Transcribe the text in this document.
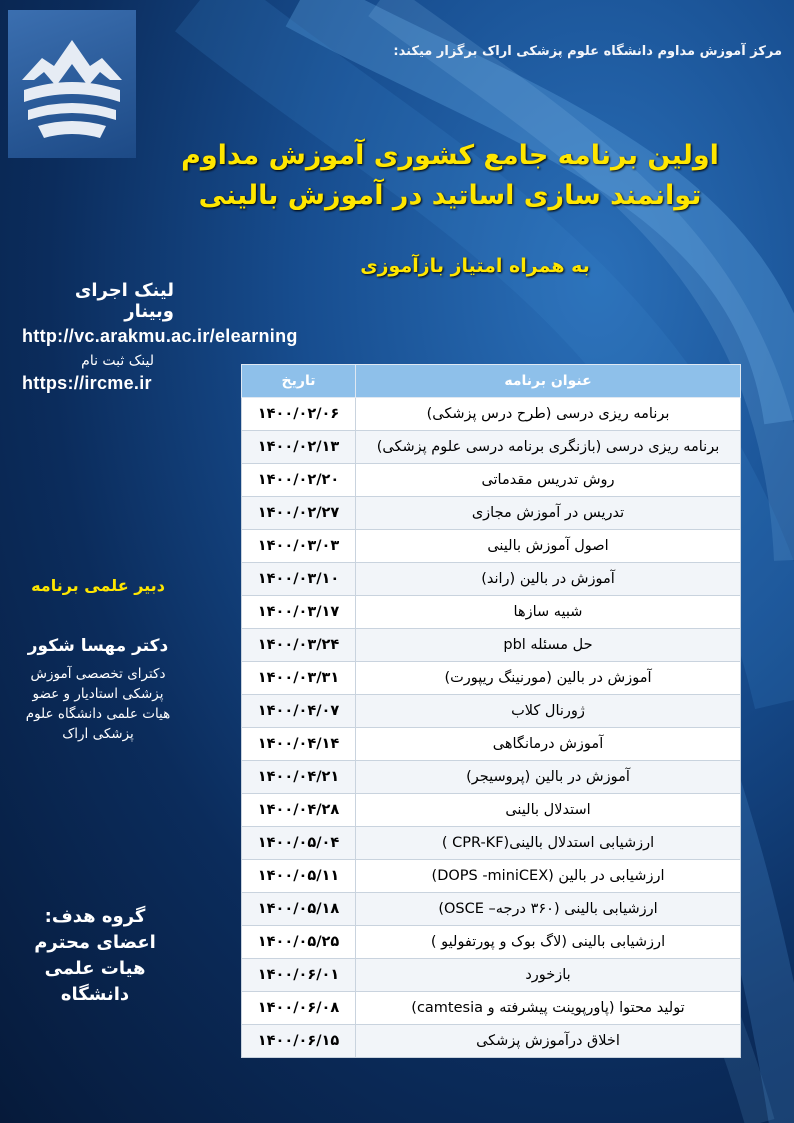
مرکز آموزش مداوم دانشگاه علوم پزشکی اراک برگزار میکند:
اولین برنامه جامع کشوری آموزش مداوم
توانمند سازی اساتید در آموزش بالینی
به همراه امتیاز بازآموزی
لینک اجرای وبینار
http://vc.arakmu.ac.ir/elearning
لینک ثبت نام
https://ircme.ir
دبیر علمی برنامه
دکتر مهسا شکور
دکترای تخصصی آموزش پزشکی استادیار و عضو هیات علمی دانشگاه علوم پزشکی اراک
گروه هدف:
اعضای محترم هیات علمی دانشگاه
عنوان برنامه	تاریخ
برنامه ریزی درسی (طرح درس پزشکی)	۱۴۰۰/۰۲/۰۶
برنامه ریزی درسی (بازنگری برنامه درسی علوم پزشکی)	۱۴۰۰/۰۲/۱۳
روش تدریس مقدماتی	۱۴۰۰/۰۲/۲۰
تدریس در آموزش مجازی	۱۴۰۰/۰۲/۲۷
اصول آموزش بالینی	۱۴۰۰/۰۳/۰۳
آموزش در بالین (راند)	۱۴۰۰/۰۳/۱۰
شبیه سازها	۱۴۰۰/۰۳/۱۷
حل مسئله pbl	۱۴۰۰/۰۳/۲۴
آموزش در بالین (مورنینگ ریپورت)	۱۴۰۰/۰۳/۳۱
ژورنال کلاب	۱۴۰۰/۰۴/۰۷
آموزش درمانگاهی	۱۴۰۰/۰۴/۱۴
آموزش در بالین (پروسیجر)	۱۴۰۰/۰۴/۲۱
استدلال بالینی	۱۴۰۰/۰۴/۲۸
ارزشیابی استدلال بالینی(CPR-KF )	۱۴۰۰/۰۵/۰۴
ارزشیابی در بالین (DOPS -miniCEX)	۱۴۰۰/۰۵/۱۱
ارزشیابی بالینی (۳۶۰ درجه– OSCE)	۱۴۰۰/۰۵/۱۸
ارزشیابی بالینی (لاگ بوک و پورتفولیو )	۱۴۰۰/۰۵/۲۵
بازخورد	۱۴۰۰/۰۶/۰۱
تولید محتوا (پاورپوینت پیشرفته و camtesia)	۱۴۰۰/۰۶/۰۸
اخلاق درآموزش پزشکی	۱۴۰۰/۰۶/۱۵
